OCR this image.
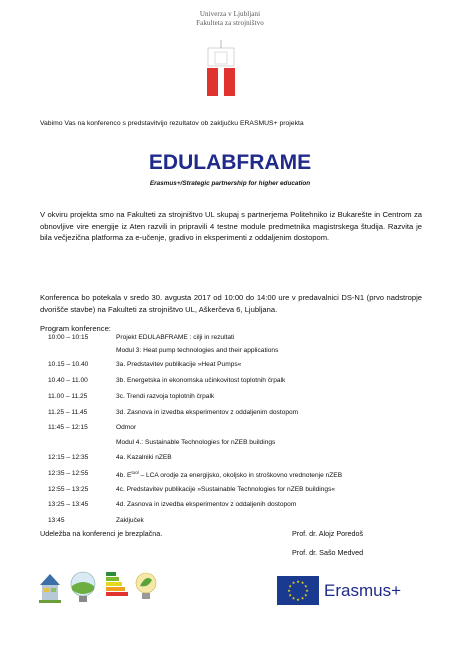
Univerza v Ljubljani
Fakulteta za strojništvo
Vabimo Vas na konferenco s predstavitvijo rezultatov ob zaključku ERASMUS+ projekta
EDULABFRAME
Erasmus+/Strategic partnership for higher education
V okviru projekta smo na Fakulteti za strojništvo UL skupaj s partnerjema Politehniko iz Bukarešte in Centrom za obnovljive vire energije iz Aten razvili in pripravili 4 testne module predmetnika magistrskega študija. Razvita je bila večjezična platforma za e-učenje, gradivo in eksperimenti z oddaljenim dostopom.
Konferenca bo potekala v sredo 30. avgusta 2017 od 10:00 do 14:00 ure v predavalnici DS-N1 (prvo nadstropje dvorišče stavbe) na Fakulteti za strojništvo UL, Aškerčeva 6, Ljubljana.
Program konference:
10:00 – 10:15	Projekt EDULABFRAME : cilji in rezultati
Modul 3: Heat pump technologies and their applications
10.15 – 10.40	3a. Predstavitev publikacije »Heat Pumps«
10.40 – 11.00	3b. Energetska in ekonomska učinkovitost toplotnih črpalk
11.00 – 11.25	3c. Trendi razvoja toplotnih črpalk
11.25 – 11.45	3d. Zasnova in izvedba eksperimentov z oddaljenim dostopom
11:45 – 12:15	Odmor
Modul 4.: Sustainable Technologies for nZEB buildings
12:15 – 12:35	4a. Kazalniki nZEB
12:35 – 12:55	4b. $E^{tool}$ – LCA orodje za energijsko, okoljsko in stroškovno vrednotenje nZEB
12:55 – 13:25	4c. Predstavitev publikacije »Sustainable Technologies for nZEB buildings«
13:25 – 13:45	4d. Zasnova in izvedba eksperimentov z oddaljenih dostopom
13:45	Zaključek
Udeležba na konferenci je brezplačna.	Prof. dr. Alojz Poredoš
Prof. dr. Sašo Medved
★ ★
★
★
★
★
★
★
★
★
★
★ Erasmus+
